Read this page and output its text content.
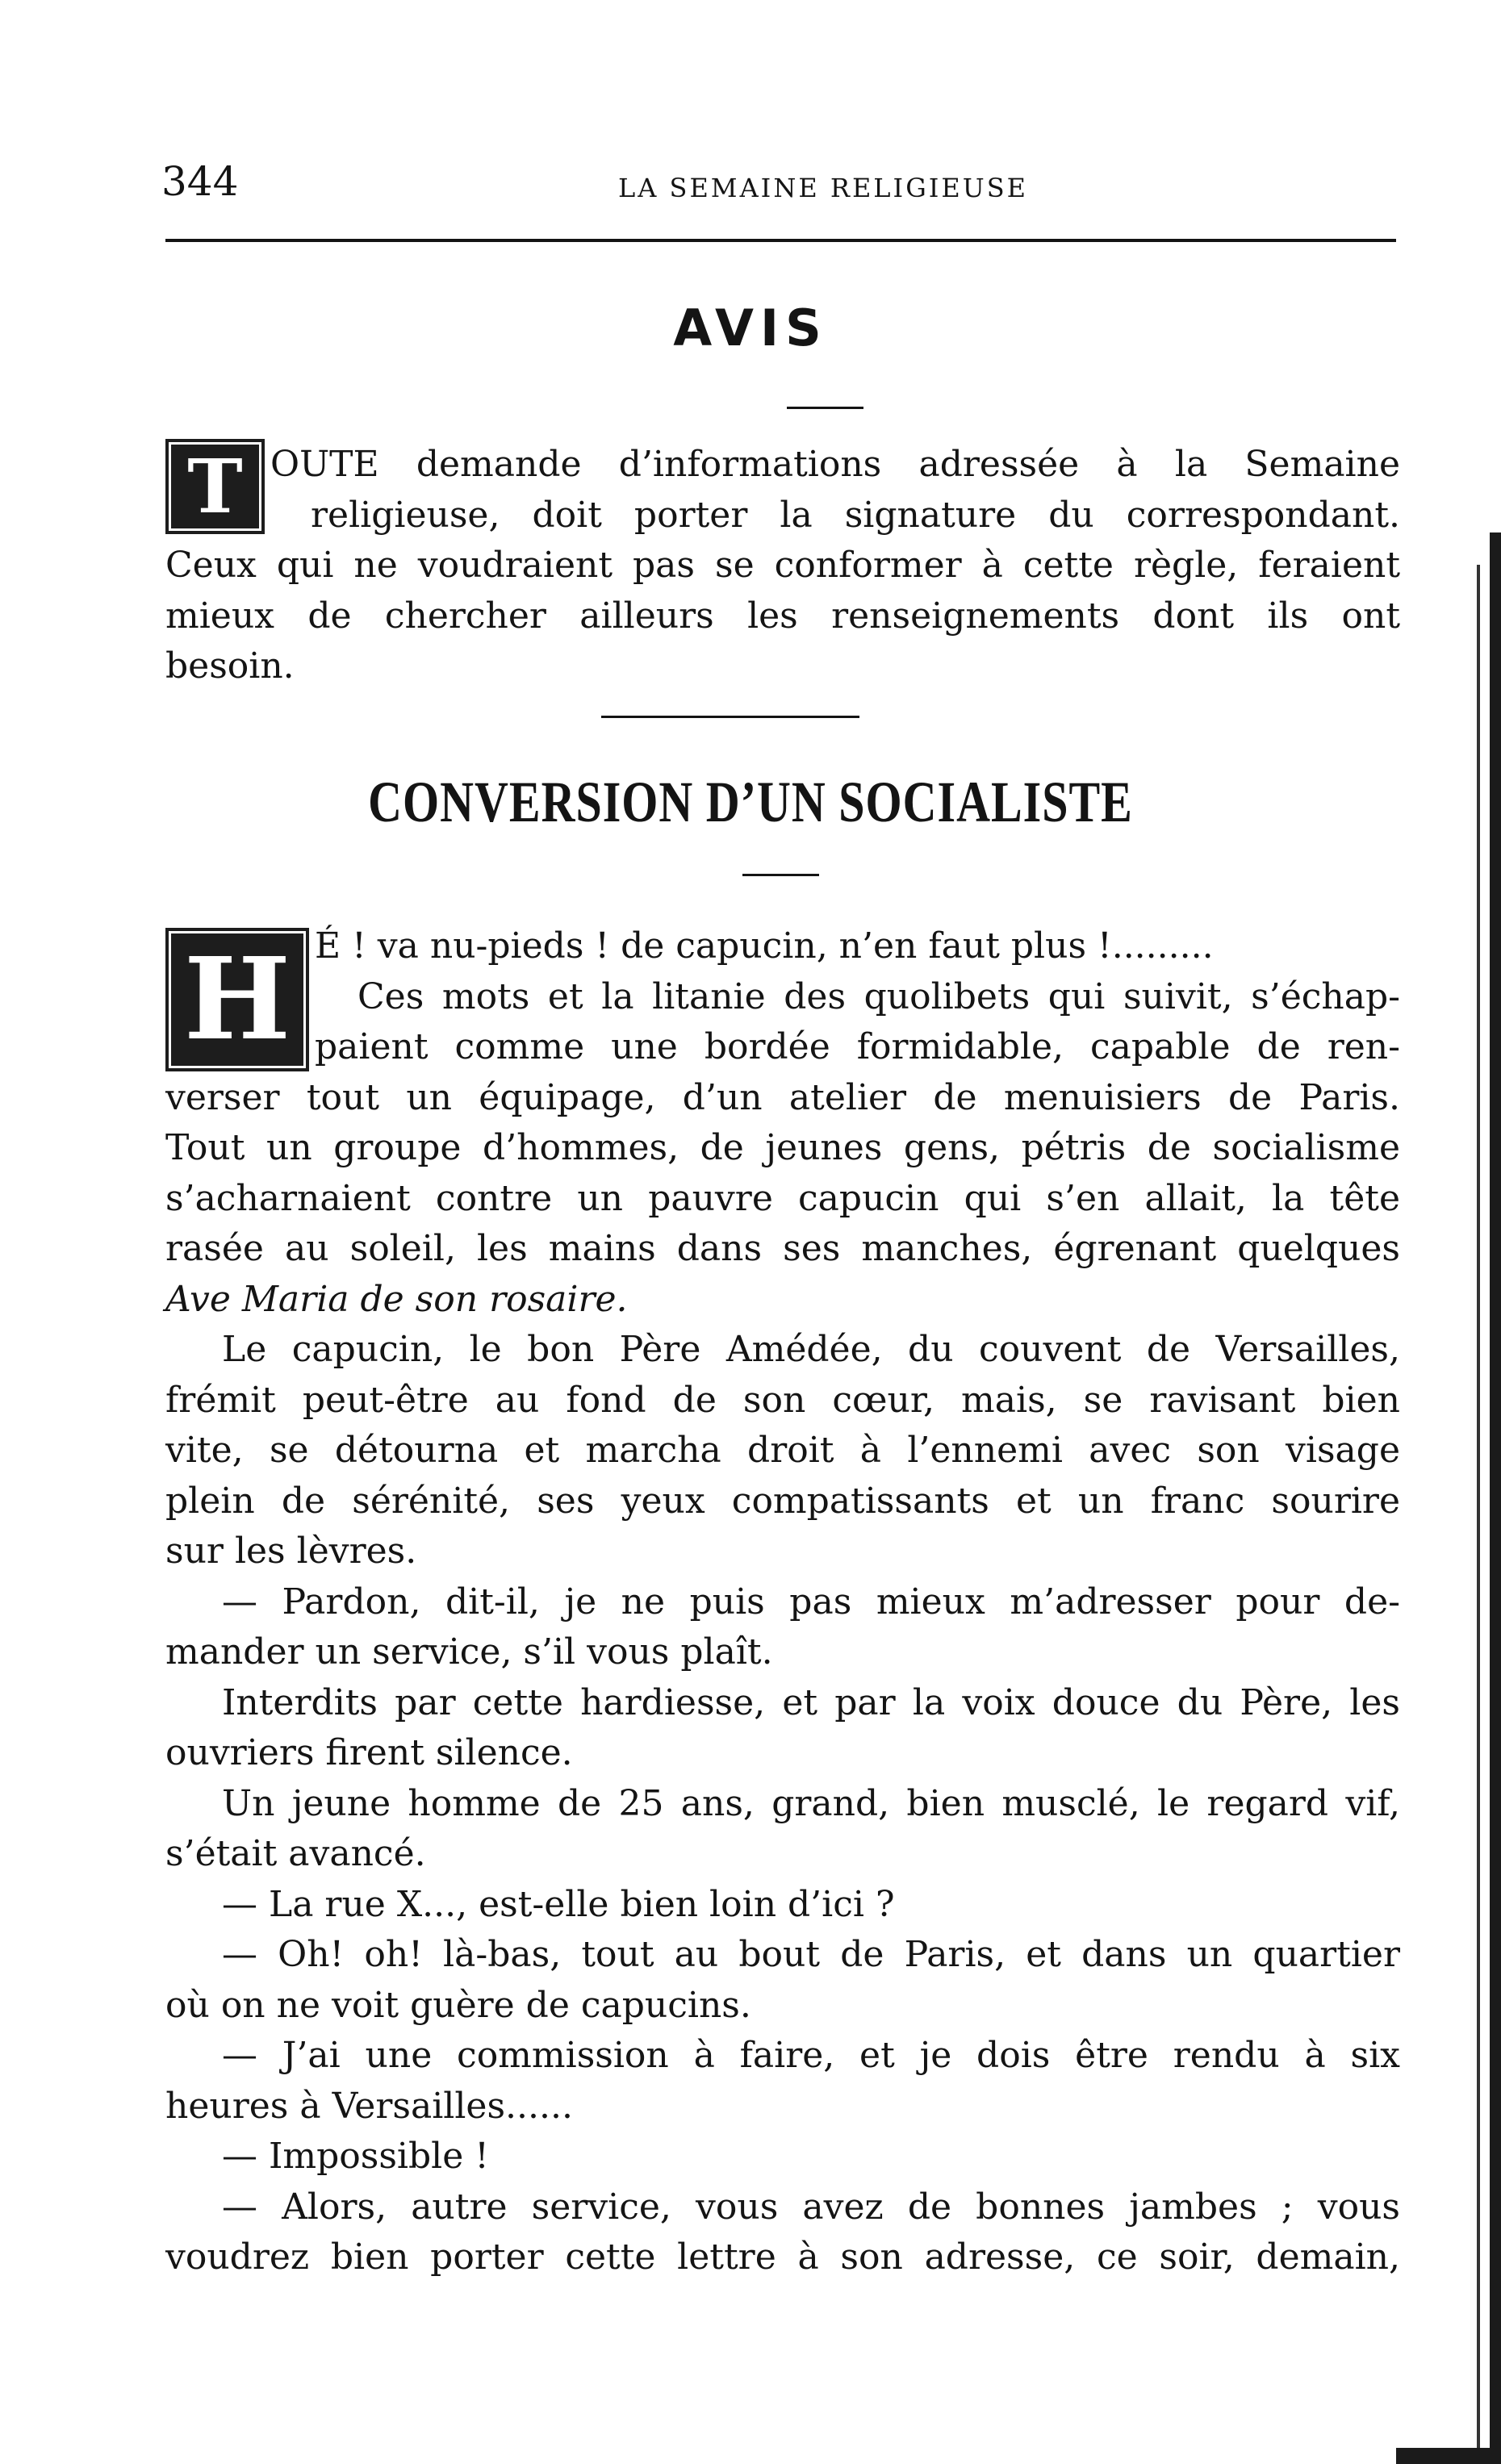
344	LA SEMAINE RELIGIEUSE
AVIS
T OUTE demande d’informations adressée à la Semaine
religieuse, doit porter la signature du correspondant.
Ceux qui ne voudraient pas se conformer à cette règle, feraient
mieux de chercher ailleurs les renseignements dont ils ont
besoin.
CONVERSION D’UN SOCIALISTE
H É ! va nu-pieds ! de capucin, n’en faut plus !.........
Ces mots et la litanie des quolibets qui suivit, s’échap-
paient comme une bordée formidable, capable de ren-
verser tout un équipage, d’un atelier de menuisiers de Paris.
Tout un groupe d’hommes, de jeunes gens, pétris de socialisme
s’acharnaient contre un pauvre capucin qui s’en allait, la tête
rasée au soleil, les mains dans ses manches, égrenant quelques
Ave Maria de son rosaire.
Le capucin, le bon Père Amédée, du couvent de Versailles,
frémit peut-être au fond de son cœur, mais, se ravisant bien
vite, se détourna et marcha droit à l’ennemi avec son visage
plein de sérénité, ses yeux compatissants et un franc sourire
sur les lèvres.
— Pardon, dit-il, je ne puis pas mieux m’adresser pour de-
mander un service, s’il vous plaît.
Interdits par cette hardiesse, et par la voix douce du Père, les
ouvriers firent silence.
Un jeune homme de 25 ans, grand, bien musclé, le regard vif,
s’était avancé.
— La rue X..., est-elle bien loin d’ici ?
— Oh! oh! là-bas, tout au bout de Paris, et dans un quartier
où on ne voit guère de capucins.
— J’ai une commission à faire, et je dois être rendu à six
heures à Versailles......
— Impossible !
— Alors, autre service, vous avez de bonnes jambes ; vous
voudrez bien porter cette lettre à son adresse, ce soir, demain,
